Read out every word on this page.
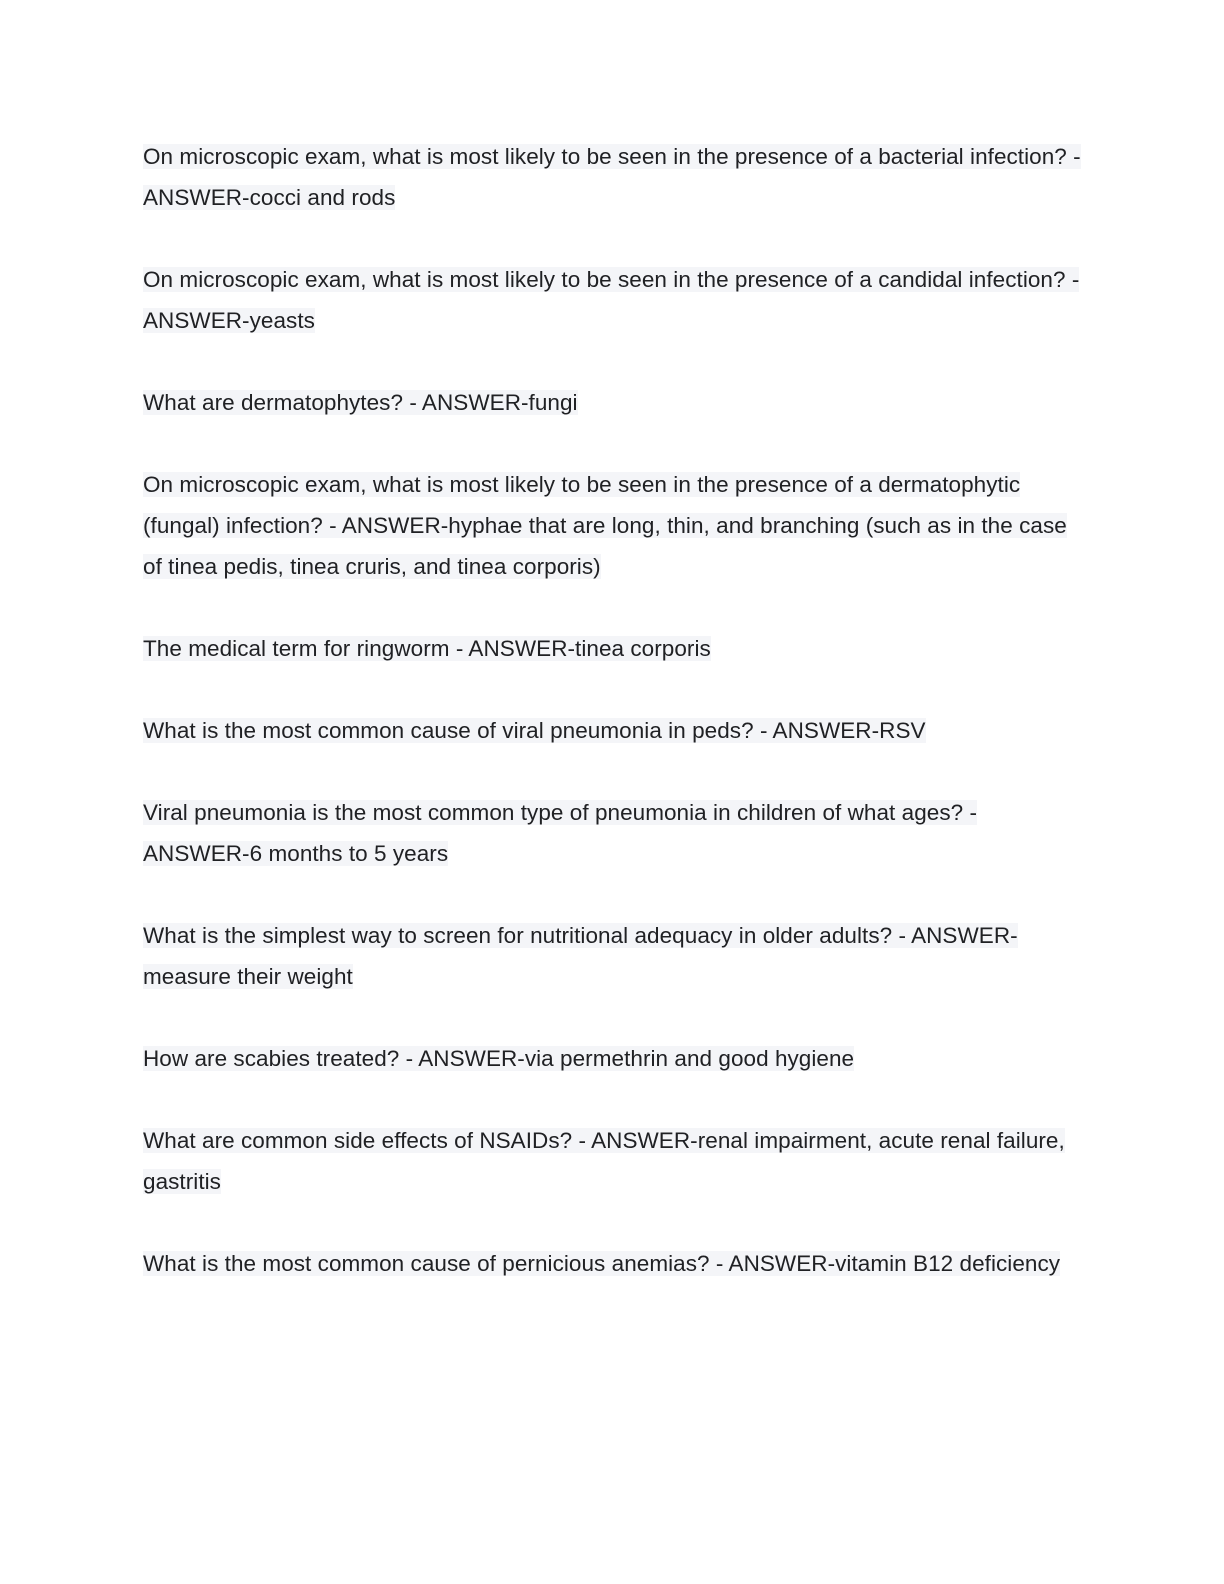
On microscopic exam, what is most likely to be seen in the presence of a bacterial infection? - ANSWER-cocci and rods

On microscopic exam, what is most likely to be seen in the presence of a candidal infection? - ANSWER-yeasts

What are dermatophytes? - ANSWER-fungi

On microscopic exam, what is most likely to be seen in the presence of a dermatophytic (fungal) infection? - ANSWER-hyphae that are long, thin, and branching (such as in the case of tinea pedis, tinea cruris, and tinea corporis)

The medical term for ringworm - ANSWER-tinea corporis

What is the most common cause of viral pneumonia in peds? - ANSWER-RSV

Viral pneumonia is the most common type of pneumonia in children of what ages? - ANSWER-6 months to 5 years

What is the simplest way to screen for nutritional adequacy in older adults? - ANSWER-measure their weight

How are scabies treated? - ANSWER-via permethrin and good hygiene

What are common side effects of NSAIDs? - ANSWER-renal impairment, acute renal failure, gastritis

What is the most common cause of pernicious anemias? - ANSWER-vitamin B12 deficiency
